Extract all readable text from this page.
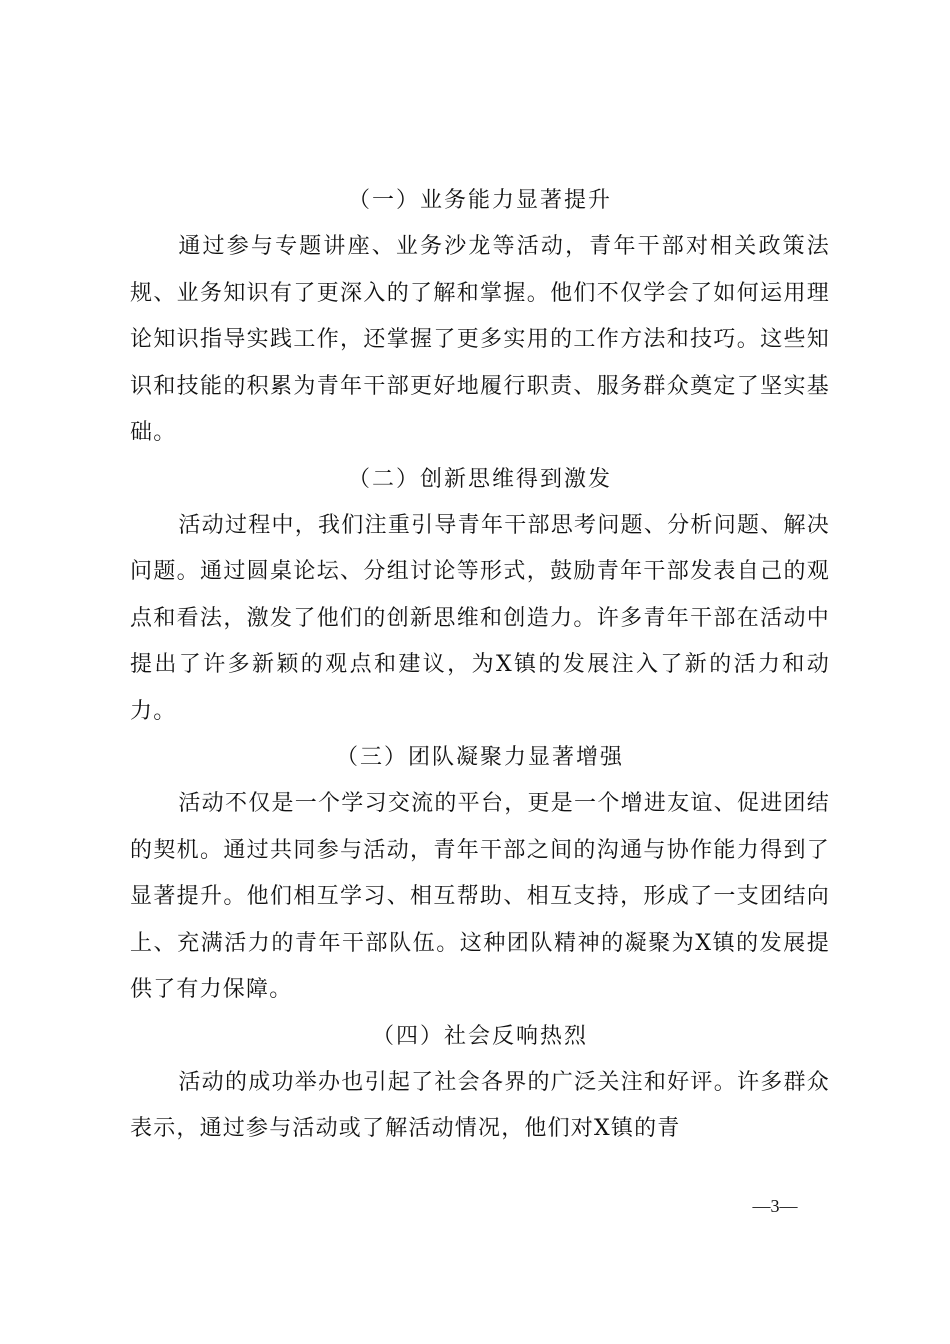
（一）业务能力显著提升

通过参与专题讲座、业务沙龙等活动，青年干部对相关政策法规、业务知识有了更深入的了解和掌握。他们不仅学会了如何运用理论知识指导实践工作，还掌握了更多实用的工作方法和技巧。这些知识和技能的积累为青年干部更好地履行职责、服务群众奠定了坚实基础。

（二）创新思维得到激发

活动过程中，我们注重引导青年干部思考问题、分析问题、解决问题。通过圆桌论坛、分组讨论等形式，鼓励青年干部发表自己的观点和看法，激发了他们的创新思维和创造力。许多青年干部在活动中提出了许多新颖的观点和建议，为X镇的发展注入了新的活力和动力。

（三）团队凝聚力显著增强

活动不仅是一个学习交流的平台，更是一个增进友谊、促进团结的契机。通过共同参与活动，青年干部之间的沟通与协作能力得到了显著提升。他们相互学习、相互帮助、相互支持，形成了一支团结向上、充满活力的青年干部队伍。这种团队精神的凝聚为X镇的发展提供了有力保障。

（四）社会反响热烈

活动的成功举办也引起了社会各界的广泛关注和好评。许多群众表示，通过参与活动或了解活动情况，他们对X镇的青

—3—
